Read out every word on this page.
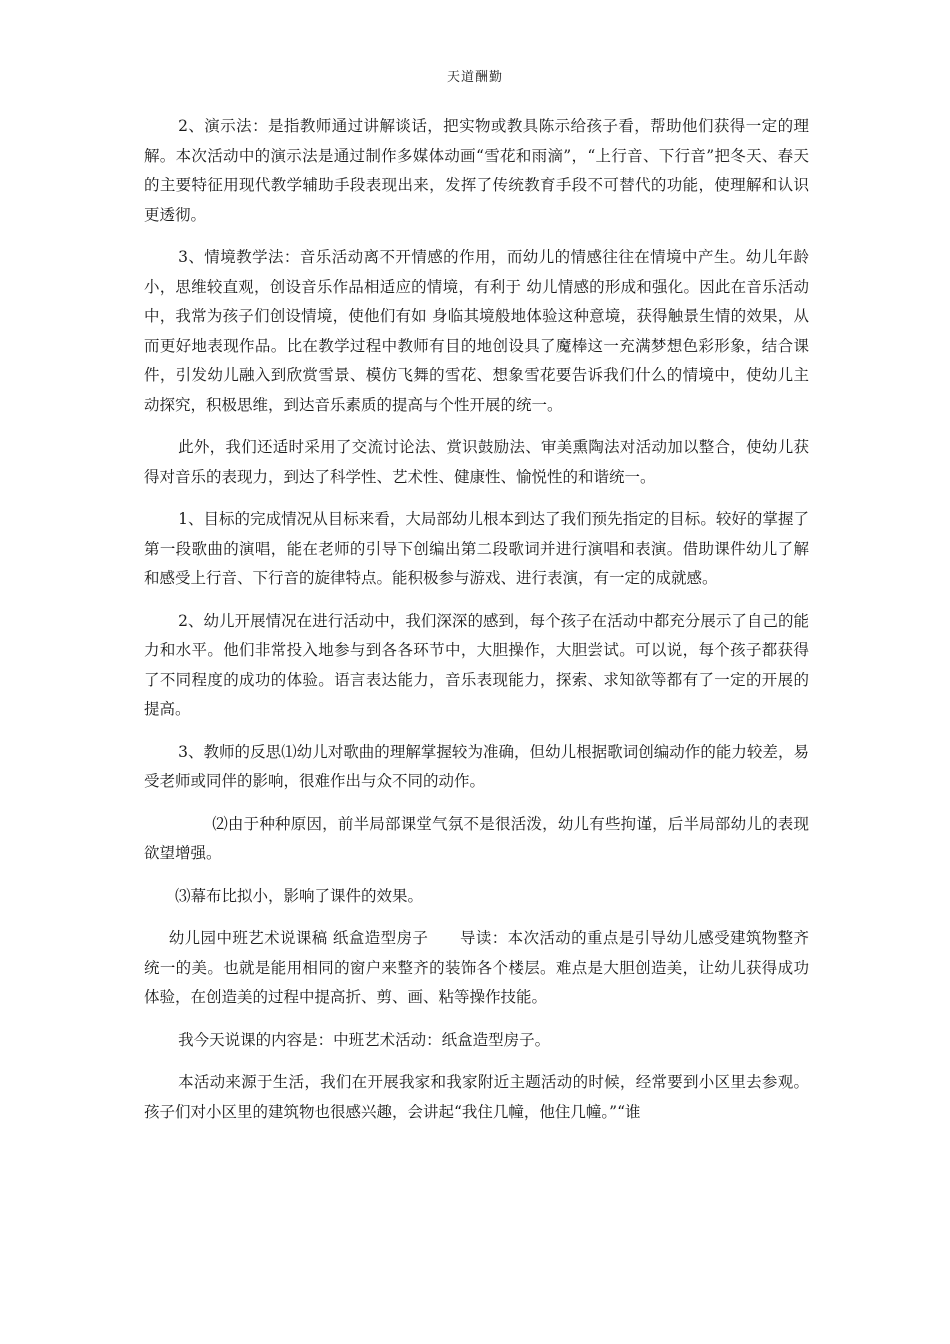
天道酬勤

2、演示法：是指教师通过讲解谈话，把实物或教具陈示给孩子看，帮助他们获得一定的理解。本次活动中的演示法是通过制作多媒体动画“雪花和雨滴”，“上行音、下行音”把冬天、春天的主要特征用现代教学辅助手段表现出来，发挥了传统教育手段不可替代的功能，使理解和认识更透彻。

3、情境教学法：音乐活动离不开情感的作用，而幼儿的情感往往在情境中产生。幼儿年龄小，思维较直观，创设音乐作品相适应的情境，有利于 幼儿情感的形成和强化。因此在音乐活动中，我常为孩子们创设情境，使他们有如 身临其境般地体验这种意境，获得触景生情的效果，从而更好地表现作品。比在教学过程中教师有目的地创设具了魔棒这一充满梦想色彩形象，结合课件，引发幼儿融入到欣赏雪景、模仿飞舞的雪花、想象雪花要告诉我们什么的情境中，使幼儿主动探究，积极思维，到达音乐素质的提高与个性开展的统一。

此外，我们还适时采用了交流讨论法、赏识鼓励法、审美熏陶法对活动加以整合，使幼儿获得对音乐的表现力，到达了科学性、艺术性、健康性、愉悦性的和谐统一。

1、目标的完成情况从目标来看，大局部幼儿根本到达了我们预先指定的目标。较好的掌握了第一段歌曲的演唱，能在老师的引导下创编出第二段歌词并进行演唱和表演。借助课件幼儿了解和感受上行音、下行音的旋律特点。能积极参与游戏、进行表演，有一定的成就感。

2、幼儿开展情况在进行活动中，我们深深的感到，每个孩子在活动中都充分展示了自己的能力和水平。他们非常投入地参与到各各环节中，大胆操作，大胆尝试。可以说，每个孩子都获得了不同程度的成功的体验。语言表达能力，音乐表现能力，探索、求知欲等都有了一定的开展的提高。

3、教师的反思⑴幼儿对歌曲的理解掌握较为准确，但幼儿根据歌词创编动作的能力较差，易受老师或同伴的影响，很难作出与众不同的动作。

⑵由于种种原因，前半局部课堂气氛不是很活泼，幼儿有些拘谨，后半局部幼儿的表现欲望增强。

⑶幕布比拟小，影响了课件的效果。

幼儿园中班艺术说课稿 纸盒造型房子　　导读：本次活动的重点是引导幼儿感受建筑物整齐统一的美。也就是能用相同的窗户来整齐的装饰各个楼层。难点是大胆创造美，让幼儿获得成功体验，在创造美的过程中提高折、剪、画、粘等操作技能。

我今天说课的内容是：中班艺术活动：纸盒造型房子。

本活动来源于生活，我们在开展我家和我家附近主题活动的时候，经常要到小区里去参观。孩子们对小区里的建筑物也很感兴趣，会讲起“我住几幢，他住几幢。”“谁
